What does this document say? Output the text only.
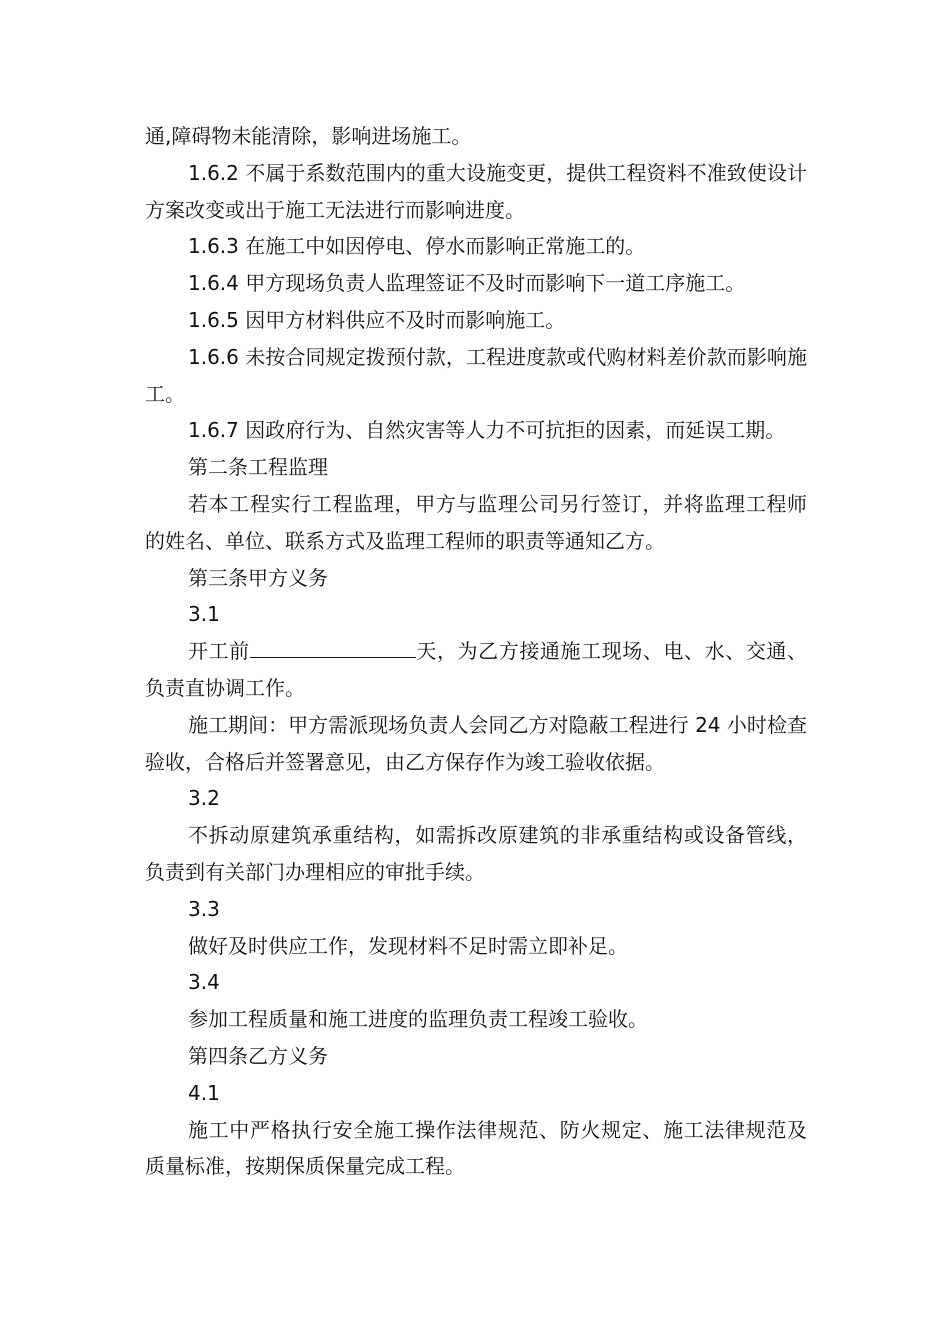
通,障碍物未能清除，影响进场施工。

1.6.2 不属于系数范围内的重大设施变更，提供工程资料不准致使设计方案改变或出于施工无法进行而影响进度。

1.6.3 在施工中如因停电、停水而影响正常施工的。

1.6.4 甲方现场负责人监理签证不及时而影响下一道工序施工。

1.6.5 因甲方材料供应不及时而影响施工。

1.6.6 未按合同规定拨预付款，工程进度款或代购材料差价款而影响施工。

1.6.7 因政府行为、自然灾害等人力不可抗拒的因素，而延误工期。

第二条工程监理

若本工程实行工程监理，甲方与监理公司另行签订，并将监理工程师的姓名、单位、联系方式及监理工程师的职责等通知乙方。

第三条甲方义务

3.1

开工前	天，为乙方接通施工现场、电、水、交通、负责直协调工作。

施工期间：甲方需派现场负责人会同乙方对隐蔽工程进行 24 小时检查验收，合格后并签署意见，由乙方保存作为竣工验收依据。

3.2

不拆动原建筑承重结构，如需拆改原建筑的非承重结构或设备管线，负责到有关部门办理相应的审批手续。

3.3

做好及时供应工作，发现材料不足时需立即补足。

3.4

参加工程质量和施工进度的监理负责工程竣工验收。

第四条乙方义务

4.1

施工中严格执行安全施工操作法律规范、防火规定、施工法律规范及质量标准，按期保质保量完成工程。
